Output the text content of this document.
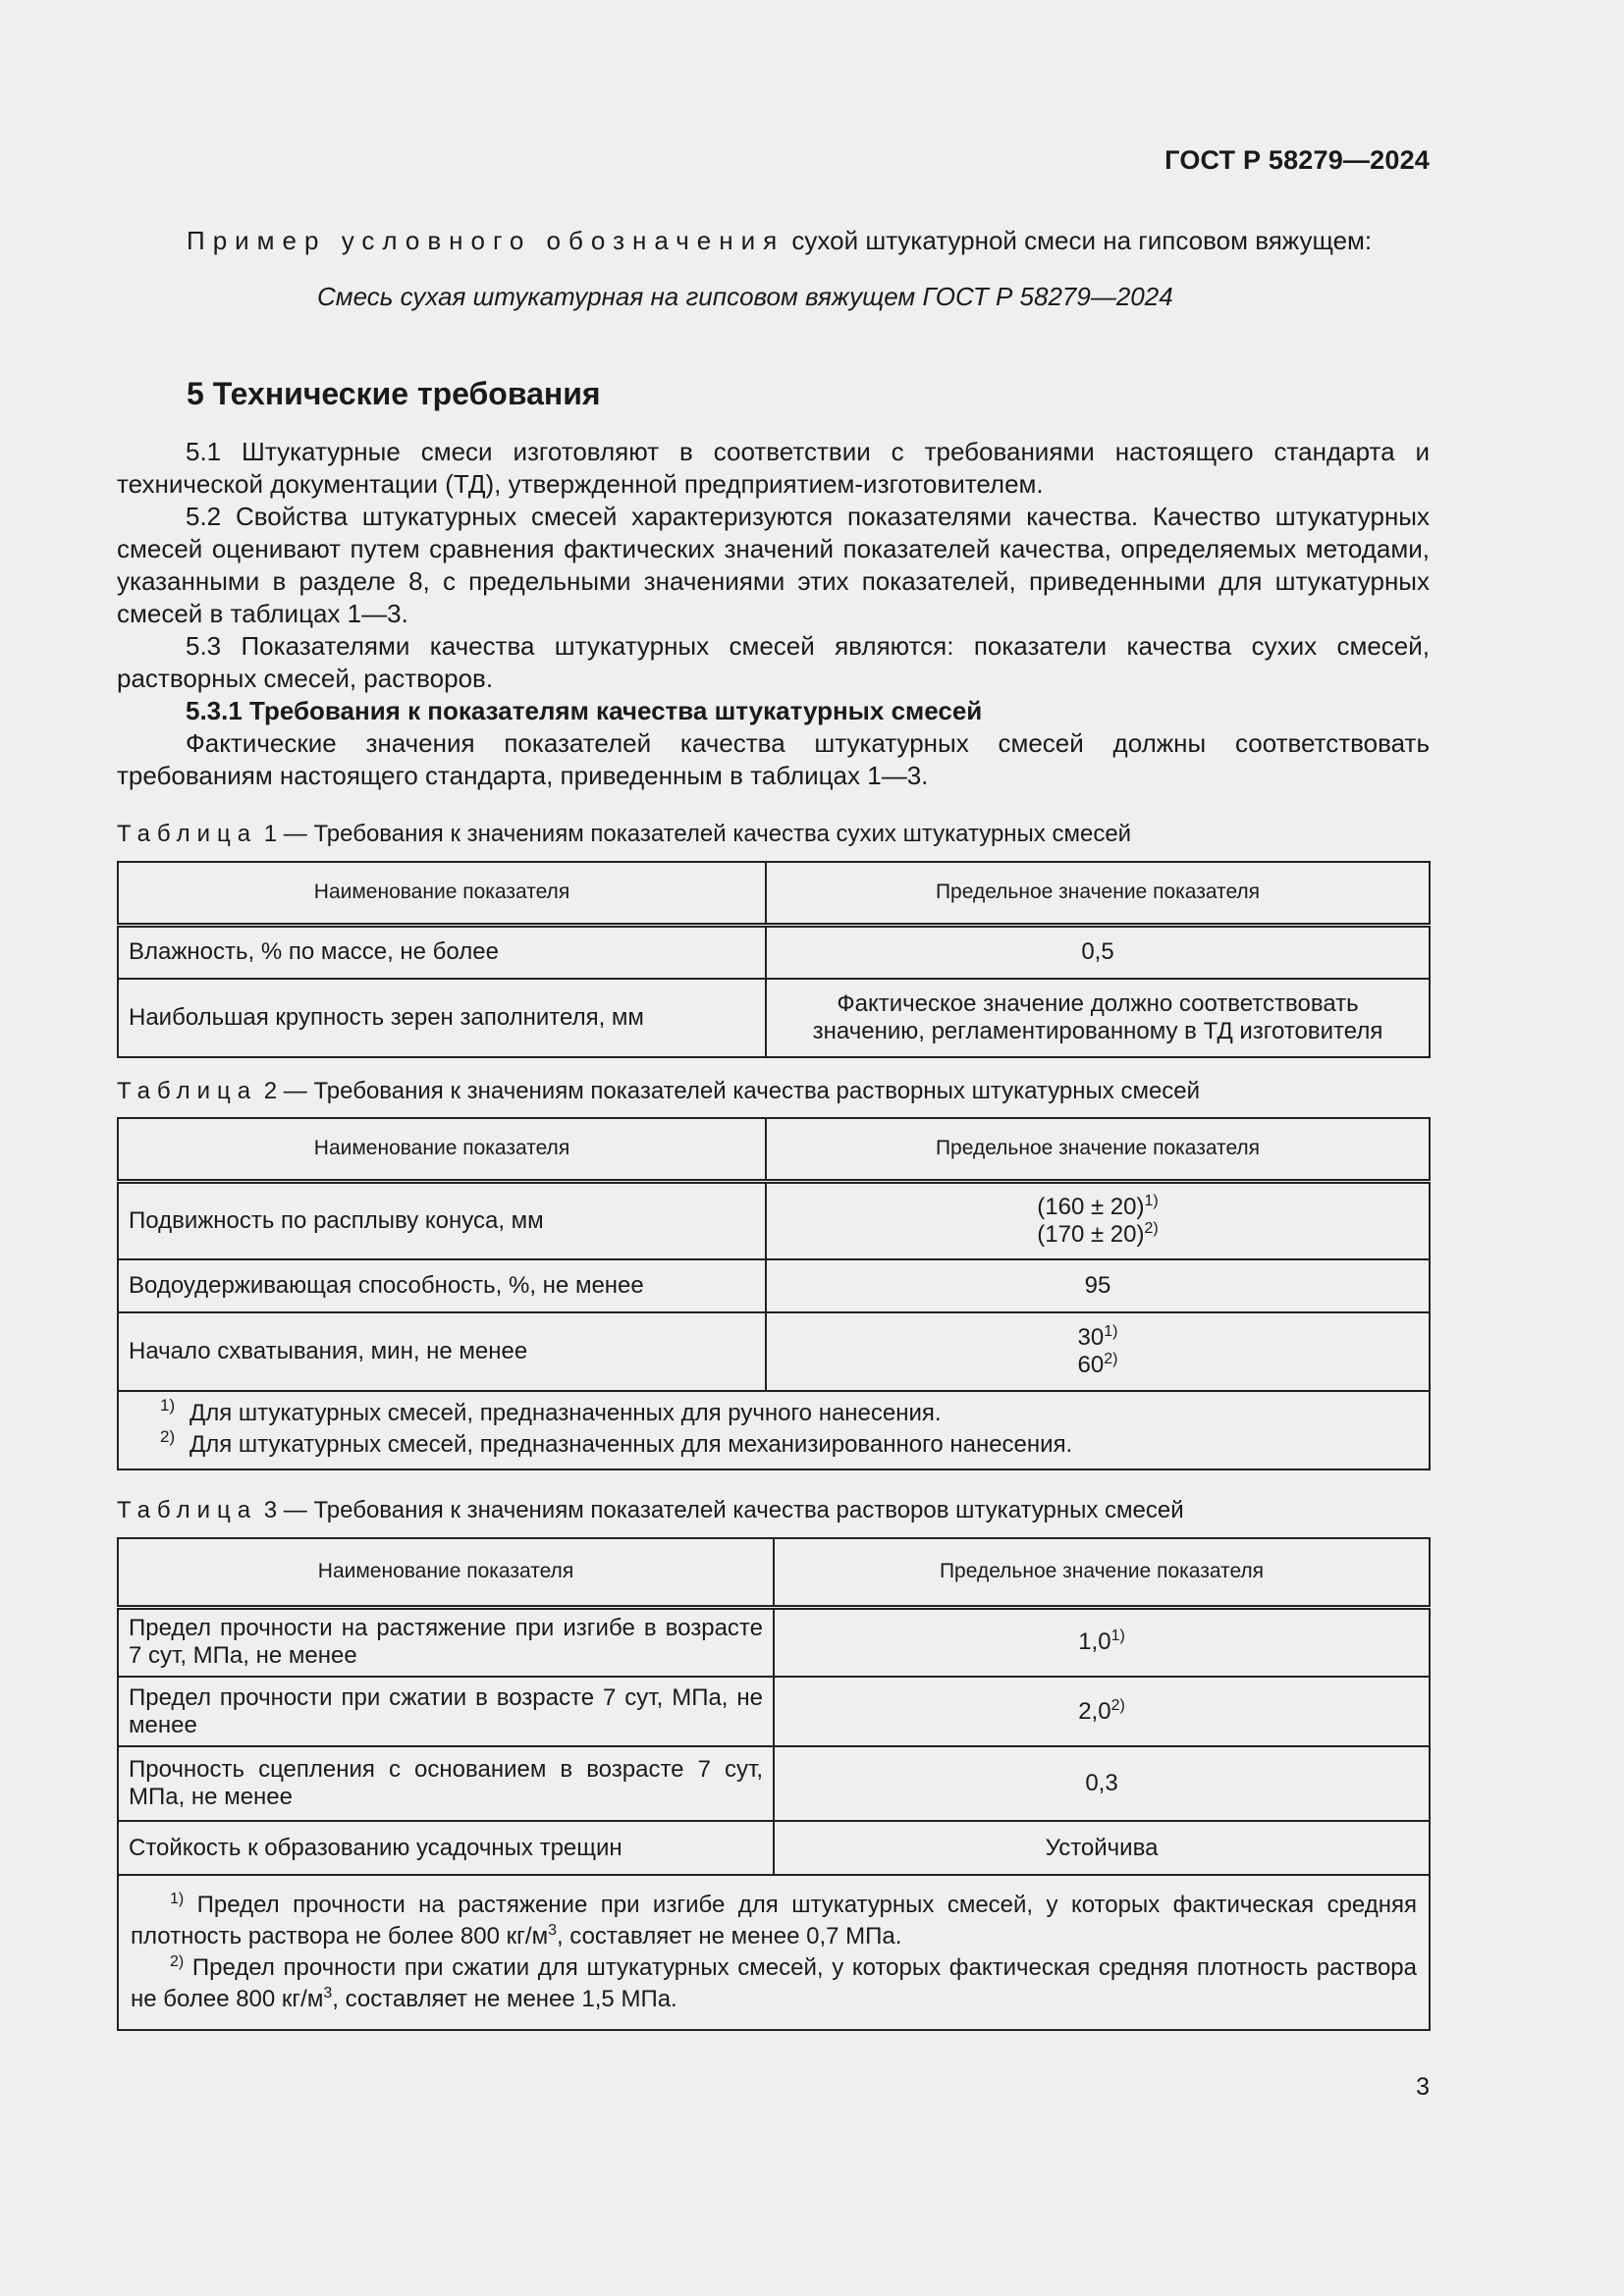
ГОСТ Р 58279—2024
Пример условного обозначения сухой штукатурной смеси на гипсовом вяжущем:
Смесь сухая штукатурная на гипсовом вяжущем ГОСТ Р 58279—2024
5 Технические требования

5.1 Штукатурные смеси изготовляют в соответствии с требованиями настоящего стандарта и технической документации (ТД), утвержденной предприятием-изготовителем.

5.2 Свойства штукатурных смесей характеризуются показателями качества. Качество штукатурных смесей оценивают путем сравнения фактических значений показателей качества, определяемых методами, указанными в разделе 8, с предельными значениями этих показателей, приведенными для штукатурных смесей в таблицах 1—3.

5.3 Показателями качества штукатурных смесей являются: показатели качества сухих смесей, растворных смесей, растворов.

5.3.1 Требования к показателям качества штукатурных смесей

Фактические значения показателей качества штукатурных смесей должны соответствовать требованиям настоящего стандарта, приведенным в таблицах 1—3.

Таблица 1 — Требования к значениям показателей качества сухих штукатурных смесей
Наименование показателя	Предельное значение показателя
Влажность, % по массе, не более	0,5
Наибольшая крупность зерен заполнителя, мм	Фактическое значение должно соответствовать
значению, регламентированному в ТД изготовителя
Таблица 2 — Требования к значениям показателей качества растворных штукатурных смесей
Наименование показателя	Предельное значение показателя
Подвижность по расплыву конуса, мм	$(160 \pm 20)^{1)}$
$(170 \pm 20)^{2)}$

Водоудерживающая способность, %, не менее	95
Начало схватывания, мин, не менее	30$^{1)}$
60$^{2)}$

1) Для штукатурных смесей, предназначенных для ручного нанесения.
2) Для штукатурных смесей, предназначенных для механизированного нанесения.	
Таблица 3 — Требования к значениям показателей качества растворов штукатурных смесей
Наименование показателя	Предельное значение показателя
Предел прочности на растяжение при изгибе в возрасте 7 сут, МПа, не менее	1,0$^{1)}$
Предел прочности при сжатии в возрасте 7 сут, МПа, не менее	2,0$^{2)}$
Прочность сцепления с основанием в возрасте 7 сут, МПа, не менее	0,3
Стойкость к образованию усадочных трещин	Устойчива

$^{1)}$ Предел прочности на растяжение при изгибе для штукатурных смесей, у которых фактическая средняя плотность раствора не более 800 $кг/м^3$, составляет не менее 0,7 МПа.
$^{2)}$ Предел прочности при сжатии для штукатурных смесей, у которых фактическая средняя плотность раствора не более 800 $кг/м^3$, составляет не менее 1,5 МПа.	
3
